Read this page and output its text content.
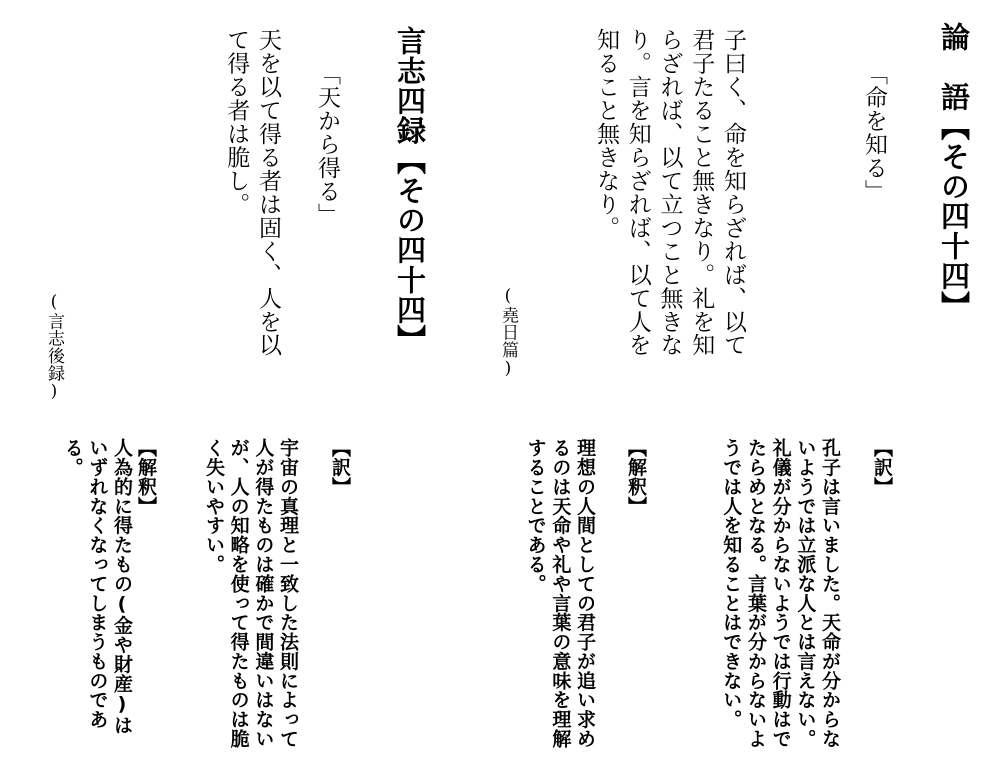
論　語【その四十四】
「命を知る」
子曰く、命を知らざれば、以て君子たること無きなり。礼を知らざれば、以て立つこと無きなり。言を知らざれば、以て人を知ること無きなり。
(堯日篇)
【訳】
孔子は言いました。天命が分からないようでは立派な人とは言えない。礼儀が分からないようでは行動はでたらめとなる。言葉が分からないようでは人を知ることはできない。
【解釈】
理想の人間としての君子が追い求めるのは天命や礼や言葉の意味を理解することである。
言志四録【その四十四】
「天から得る」
天を以て得る者は固く、人を以て得る者は脆し。
(言志後録)
【訳】
宇宙の真理と一致した法則によって人が得たものは確かで間違いはないが、人の知略を使って得たものは脆く失いやすい。
【解釈】
人為的に得たもの(金や財産)はいずれなくなってしまうものである。
